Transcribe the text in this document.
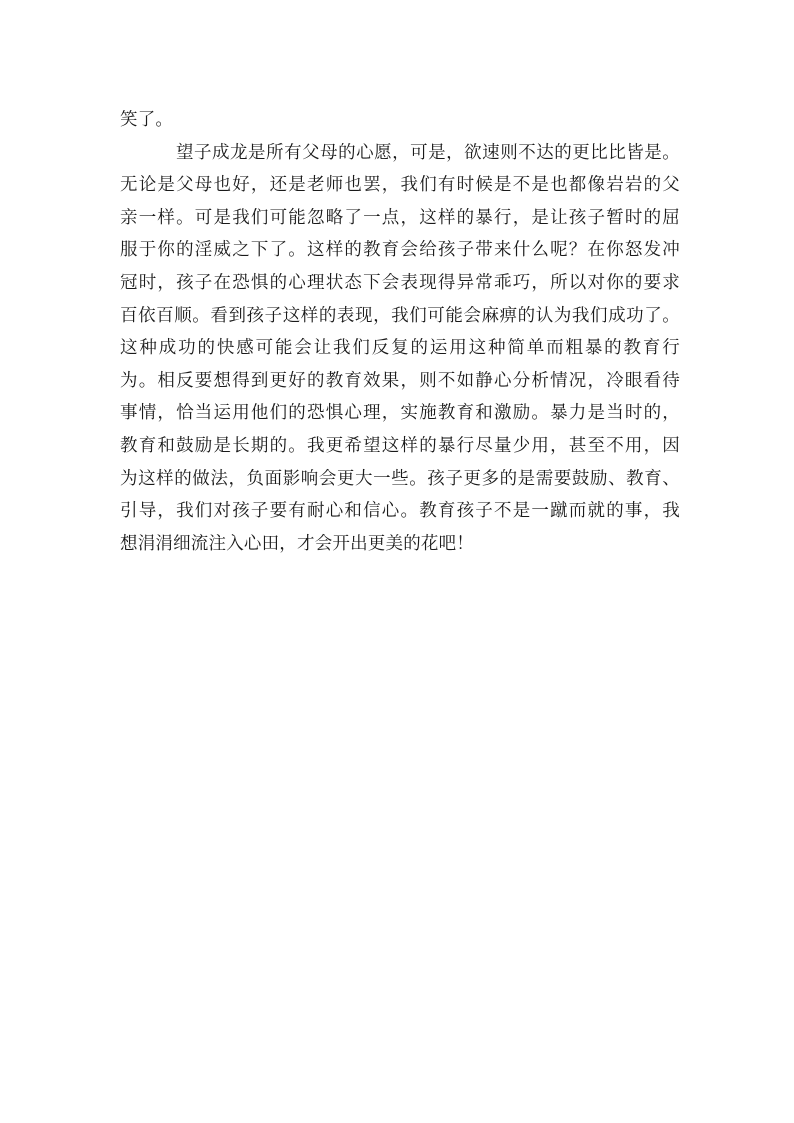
笑了。
望子成龙是所有父母的心愿，可是，欲速则不达的更比比皆是。
无论是父母也好，还是老师也罢，我们有时候是不是也都像岩岩的父
亲一样。可是我们可能忽略了一点，这样的暴行，是让孩子暂时的屈
服于你的淫威之下了。这样的教育会给孩子带来什么呢？在你怒发冲
冠时，孩子在恐惧的心理状态下会表现得异常乖巧，所以对你的要求
百依百顺。看到孩子这样的表现，我们可能会麻痹的认为我们成功了。
这种成功的快感可能会让我们反复的运用这种简单而粗暴的教育行
为。相反要想得到更好的教育效果，则不如静心分析情况，冷眼看待
事情，恰当运用他们的恐惧心理，实施教育和激励。暴力是当时的，
教育和鼓励是长期的。我更希望这样的暴行尽量少用，甚至不用，因
为这样的做法，负面影响会更大一些。孩子更多的是需要鼓励、教育、
引导，我们对孩子要有耐心和信心。教育孩子不是一蹴而就的事，我
想涓涓细流注入心田，才会开出更美的花吧！
